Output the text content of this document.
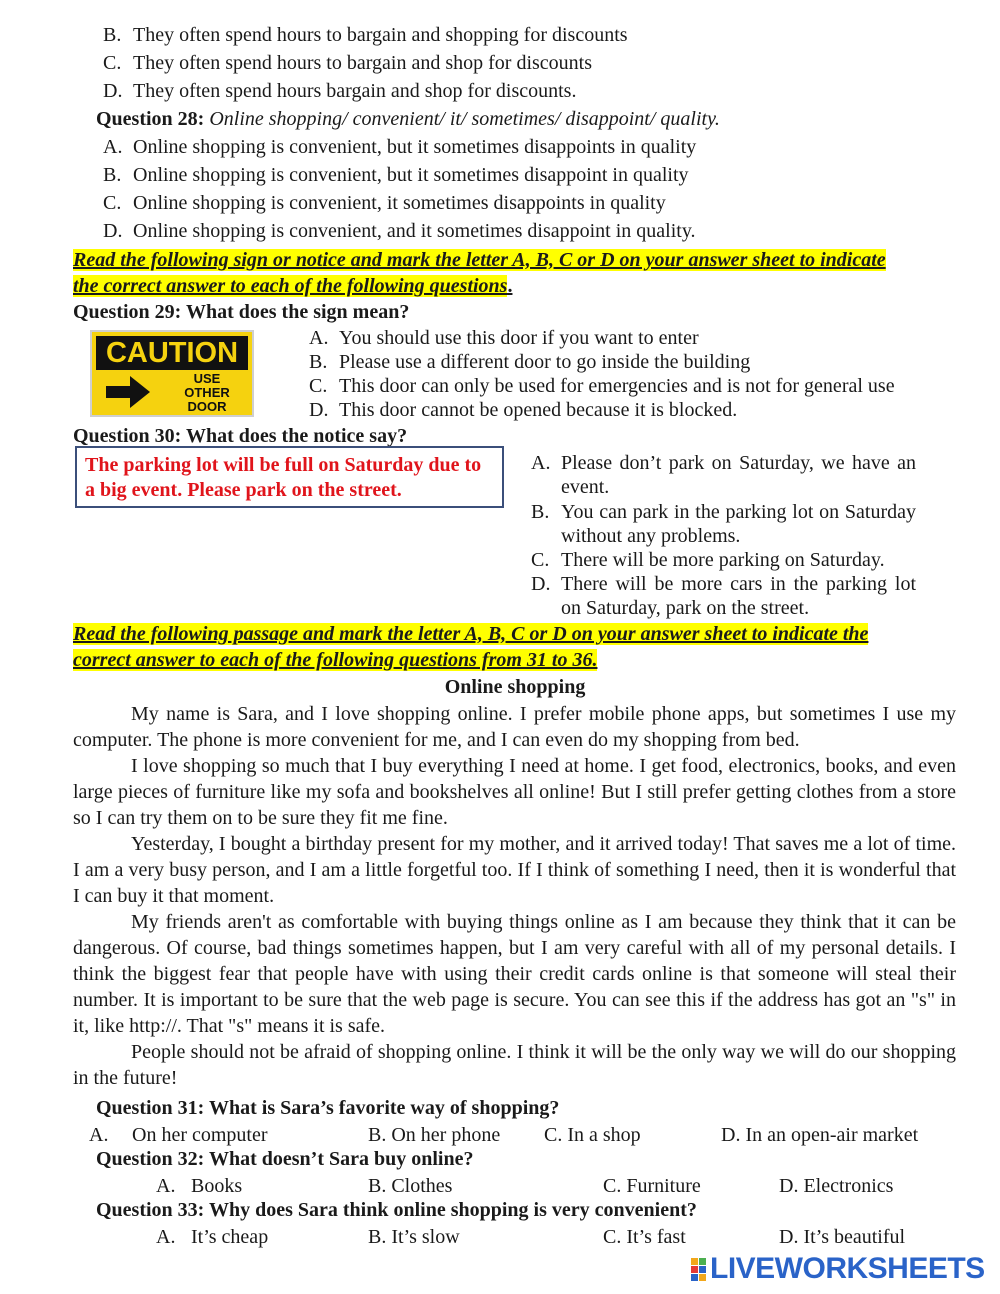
B. They often spend hours to bargain and shopping for discounts
C. They often spend hours to bargain and shop for discounts
D. They often spend hours bargain and shop for discounts.
Question 28: Online shopping/ convenient/ it/ sometimes/ disappoint/ quality.
A. Online shopping is convenient, but it sometimes disappoints in quality
B. Online shopping is convenient, but it sometimes disappoint in quality
C. Online shopping is convenient, it sometimes disappoints in quality
D. Online shopping is convenient, and it sometimes disappoint in quality.
Read the following sign or notice and mark the letter A, B, C or D on your answer sheet to indicate
the correct answer to each of the following questions.
Question 29: What does the sign mean?
CAUTION
USE
OTHER
DOOR
A. You should use this door if you want to enter
B. Please use a different door to go inside the building
C. This door can only be used for emergencies and is not for general use
D. This door cannot be opened because it is blocked.
Question 30: What does the notice say?
The parking lot will be full on Saturday due to a big event. Please park on the street.
A. Please don’t park on Saturday, we have an event.
B. You can park in the parking lot on Saturday without any problems.
C. There will be more parking on Saturday.
D. There will be more cars in the parking lot on Saturday, park on the street.
Read the following passage and mark the letter A, B, C or D on your answer sheet to indicate the
correct answer to each of the following questions from 31 to 36.
Online shopping

My name is Sara, and I love shopping online. I prefer mobile phone apps, but sometimes I use my computer. The phone is more convenient for me, and I can even do my shopping from bed.

I love shopping so much that I buy everything I need at home. I get food, electronics, books, and even large pieces of furniture like my sofa and bookshelves all online! But I still prefer getting clothes from a store so I can try them on to be sure they fit me fine.

Yesterday, I bought a birthday present for my mother, and it arrived today! That saves me a lot of time. I am a very busy person, and I am a little forgetful too. If I think of something I need, then it is wonderful that I can buy it that moment.

My friends aren't as comfortable with buying things online as I am because they think that it can be dangerous. Of course, bad things sometimes happen, but I am very careful with all of my personal details. I think the biggest fear that people have with using their credit cards online is that someone will steal their number. It is important to be sure that the web page is secure. You can see this if the address has got an "s" in it, like http://. That "s" means it is safe.

People should not be afraid of shopping online. I think it will be the only way we will do our shopping in the future!

Question 31: What is Sara’s favorite way of shopping?
A. On her computer	B. On her phone C. In a shop	D. In an open-air market
Question 32: What doesn’t Sara buy online?
A. Books	B. Clothes	C. Furniture	D. Electronics
Question 33: Why does Sara think online shopping is very convenient?
A. It’s cheap	B. It’s slow	C. It’s fast	D. It’s beautiful
LIVEWORKSHEETS
